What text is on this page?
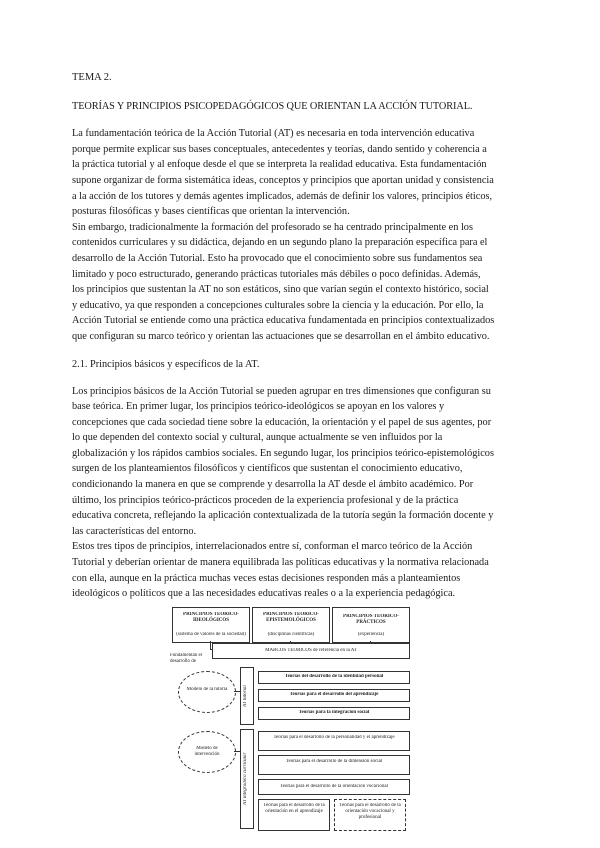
TEMA 2.
TEORÍAS Y PRINCIPIOS PSICOPEDAGÓGICOS QUE ORIENTAN LA ACCIÓN TUTORIAL.
La fundamentación teórica de la Acción Tutorial (AT) es necesaria en toda intervención educativa
porque permite explicar sus bases conceptuales, antecedentes y teorías, dando sentido y coherencia a
la práctica tutorial y al enfoque desde el que se interpreta la realidad educativa. Esta fundamentación
supone organizar de forma sistemática ideas, conceptos y principios que aportan unidad y consistencia
a la acción de los tutores y demás agentes implicados, además de definir los valores, principios éticos,
posturas filosóficas y bases científicas que orientan la intervención.
Sin embargo, tradicionalmente la formación del profesorado se ha centrado principalmente en los
contenidos curriculares y su didáctica, dejando en un segundo plano la preparación específica para el
desarrollo de la Acción Tutorial. Esto ha provocado que el conocimiento sobre sus fundamentos sea
limitado y poco estructurado, generando prácticas tutoriales más débiles o poco definidas. Además,
los principios que sustentan la AT no son estáticos, sino que varían según el contexto histórico, social
y educativo, ya que responden a concepciones culturales sobre la ciencia y la educación. Por ello, la
Acción Tutorial se entiende como una práctica educativa fundamentada en principios contextualizados
que configuran su marco teórico y orientan las actuaciones que se desarrollan en el ámbito educativo.
2.1. Principios básicos y específicos de la AT.
Los principios básicos de la Acción Tutorial se pueden agrupar en tres dimensiones que configuran su
base teórica. En primer lugar, los principios teórico-ideológicos se apoyan en los valores y
concepciones que cada sociedad tiene sobre la educación, la orientación y el papel de sus agentes, por
lo que dependen del contexto social y cultural, aunque actualmente se ven influidos por la
globalización y los rápidos cambios sociales. En segundo lugar, los principios teórico-epistemológicos
surgen de los planteamientos filosóficos y científicos que sustentan el conocimiento educativo,
condicionando la manera en que se comprende y desarrolla la AT desde el ámbito académico. Por
último, los principios teórico-prácticos proceden de la experiencia profesional y de la práctica
educativa concreta, reflejando la aplicación contextualizada de la tutoría según la formación docente y
las características del entorno.
Estos tres tipos de principios, interrelacionados entre sí, conforman el marco teórico de la Acción
Tutorial y deberían orientar de manera equilibrada las políticas educativas y la normativa relacionada
con ella, aunque en la práctica muchas veces estas decisiones responden más a planteamientos
ideológicos o políticos que a las necesidades educativas reales o a la experiencia pedagógica.
PRINCIPIOS TEÓRICO-IDEOLÓGICOS
(sistema de valores de la sociedad)
PRINCIPIOS TEÓRICO-EPISTEMOLÓGICOS
(disciplinas científicas)
PRINCIPIOS TEÓRICO-PRÁCTICOS
(experiencia)
Fundamentan el desarrollo de
MARCOS TEÓRICOS de referencia en la AT
Modelo de la tutoría
Modelo de intervención
AT tutorial
AT integradora curricular
Teorías del desarrollo de la identidad personal
Teorías para el desarrollo del aprendizaje
Teorías para la integración social
Teorías para el desarrollo de la personalidad y el aprendizaje
Teorías para el desarrollo de la dimensión social
Teorías para el desarrollo de la orientación vocacional
Teorías para el desarrollo de la orientación en el aprendizaje
Teorías para el desarrollo de la orientación vocacional y profesional
